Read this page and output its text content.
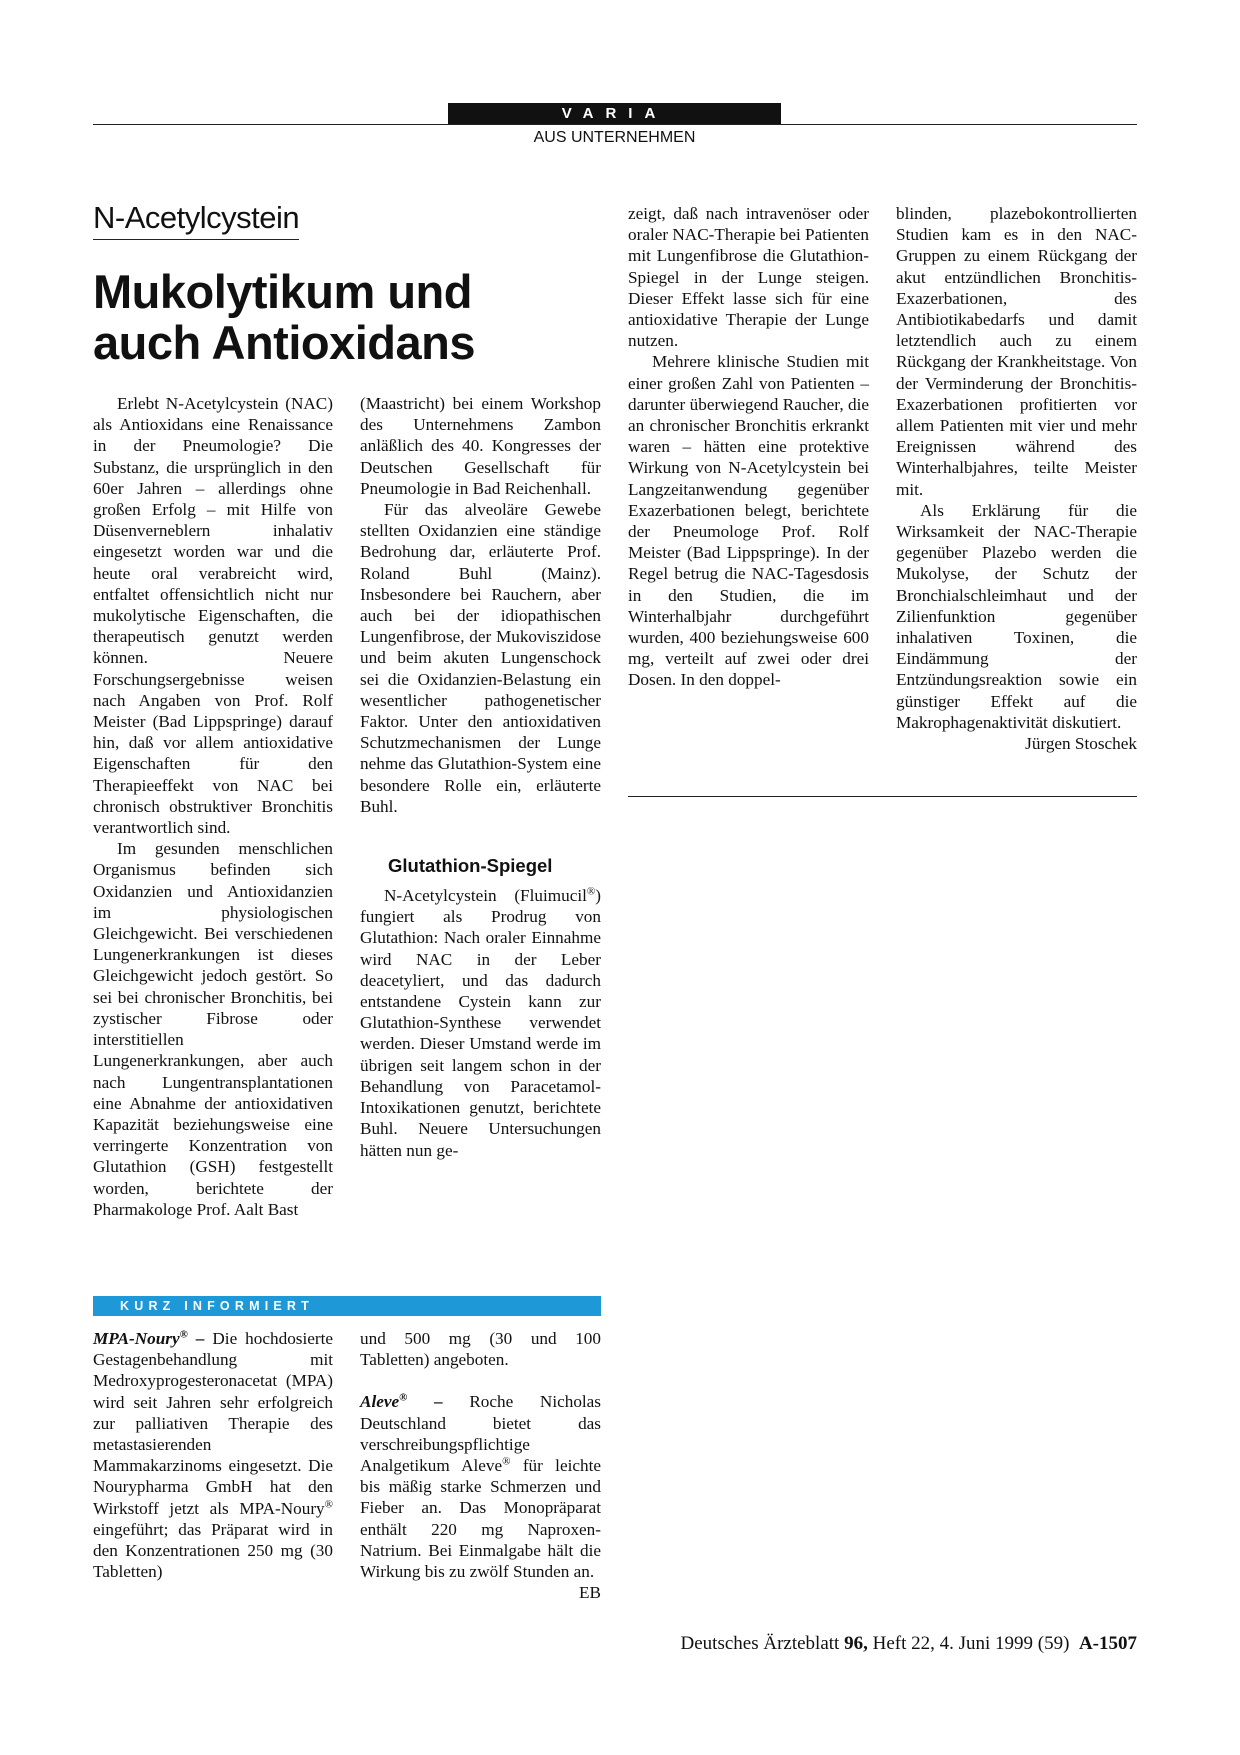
VARIA
AUS UNTERNEHMEN
N-Acetylcystein
Mukolytikum und
auch Antioxidans

Erlebt N-Acetylcystein (NAC) als Antioxidans eine Renaissance in der Pneumologie? Die Substanz, die ursprünglich in den 60er Jahren – allerdings ohne großen Erfolg – mit Hilfe von Düsenverneblern inhalativ eingesetzt worden war und die heute oral verabreicht wird, entfaltet offensichtlich nicht nur mukolytische Eigenschaften, die therapeutisch genutzt werden können. Neuere Forschungsergebnisse weisen nach Angaben von Prof. Rolf Meister (Bad Lippspringe) darauf hin, daß vor allem antioxidative Eigenschaften für den Therapieeffekt von NAC bei chronisch obstruktiver Bronchitis verantwortlich sind.

Im gesunden menschlichen Organismus befinden sich Oxidanzien und Antioxidanzien im physiologischen Gleichgewicht. Bei verschiedenen Lungenerkrankungen ist dieses Gleichgewicht jedoch gestört. So sei bei chronischer Bronchitis, bei zystischer Fibrose oder interstitiellen Lungenerkrankungen, aber auch nach Lungentransplantationen eine Abnahme der antioxidativen Kapazität beziehungsweise eine verringerte Konzentration von Glutathion (GSH) festgestellt worden, berichtete der Pharmakologe Prof. Aalt Bast

(Maastricht) bei einem Workshop des Unternehmens Zambon anläßlich des 40. Kongresses der Deutschen Gesellschaft für Pneumologie in Bad Reichenhall.

Für das alveoläre Gewebe stellten Oxidanzien eine ständige Bedrohung dar, erläuterte Prof. Roland Buhl (Mainz). Insbesondere bei Rauchern, aber auch bei der idiopathischen Lungenfibrose, der Mukoviszidose und beim akuten Lungenschock sei die Oxidanzien-Belastung ein wesentlicher pathogenetischer Faktor. Unter den antioxidativen Schutzmechanismen der Lunge nehme das Glutathion-System eine besondere Rolle ein, erläuterte Buhl.

Glutathion-Spiegel

N-Acetylcystein (Fluimucil®) fungiert als Prodrug von Glutathion: Nach oraler Einnahme wird NAC in der Leber deacetyliert, und das dadurch entstandene Cystein kann zur Glutathion-Synthese verwendet werden. Dieser Umstand werde im übrigen seit langem schon in der Behandlung von Paracetamol-Intoxikationen genutzt, berichtete Buhl. Neuere Untersuchungen hätten nun ge-

zeigt, daß nach intravenöser oder oraler NAC-Therapie bei Patienten mit Lungenfibrose die Glutathion-Spiegel in der Lunge steigen. Dieser Effekt lasse sich für eine antioxidative Therapie der Lunge nutzen.

Mehrere klinische Studien mit einer großen Zahl von Patienten – darunter überwiegend Raucher, die an chronischer Bronchitis erkrankt waren – hätten eine protektive Wirkung von N-Acetylcystein bei Langzeitanwendung gegenüber Exazerbationen belegt, berichtete der Pneumologe Prof. Rolf Meister (Bad Lippspringe). In der Regel betrug die NAC-Tagesdosis in den Studien, die im Winterhalbjahr durchgeführt wurden, 400 beziehungsweise 600 mg, verteilt auf zwei oder drei Dosen. In den doppel-

blinden, plazebokontrollierten Studien kam es in den NAC-Gruppen zu einem Rückgang der akut entzündlichen Bronchitis-Exazerbationen, des Antibiotikabedarfs und damit letztendlich auch zu einem Rückgang der Krankheitstage. Von der Verminderung der Bronchitis-Exazerbationen profitierten vor allem Patienten mit vier und mehr Ereignissen während des Winterhalbjahres, teilte Meister mit.

Als Erklärung für die Wirksamkeit der NAC-Therapie gegenüber Plazebo werden die Mukolyse, der Schutz der Bronchialschleimhaut und der Zilienfunktion gegenüber inhalativen Toxinen, die Eindämmung der Entzündungsreaktion sowie ein günstiger Effekt auf die Makrophagenaktivität diskutiert.

Jürgen Stoschek
KURZ INFORMIERT

MPA-Noury® – Die hochdosierte Gestagenbehandlung mit Medroxyprogesteronacetat (MPA) wird seit Jahren sehr erfolgreich zur palliativen Therapie des metastasierenden Mammakarzinoms eingesetzt. Die Nourypharma GmbH hat den Wirkstoff jetzt als MPA-Noury® eingeführt; das Präparat wird in den Konzentrationen 250 mg (30 Tabletten)

und 500 mg (30 und 100 Tabletten) angeboten.

Aleve® – Roche Nicholas Deutschland bietet das verschreibungspflichtige Analgetikum Aleve® für leichte bis mäßig starke Schmerzen und Fieber an. Das Monopräparat enthält 220 mg Naproxen-Natrium. Bei Einmalgabe hält die Wirkung bis zu zwölf Stunden an.

EB
Deutsches Ärzteblatt 96, Heft 22, 4. Juni 1999 (59) A-1507
